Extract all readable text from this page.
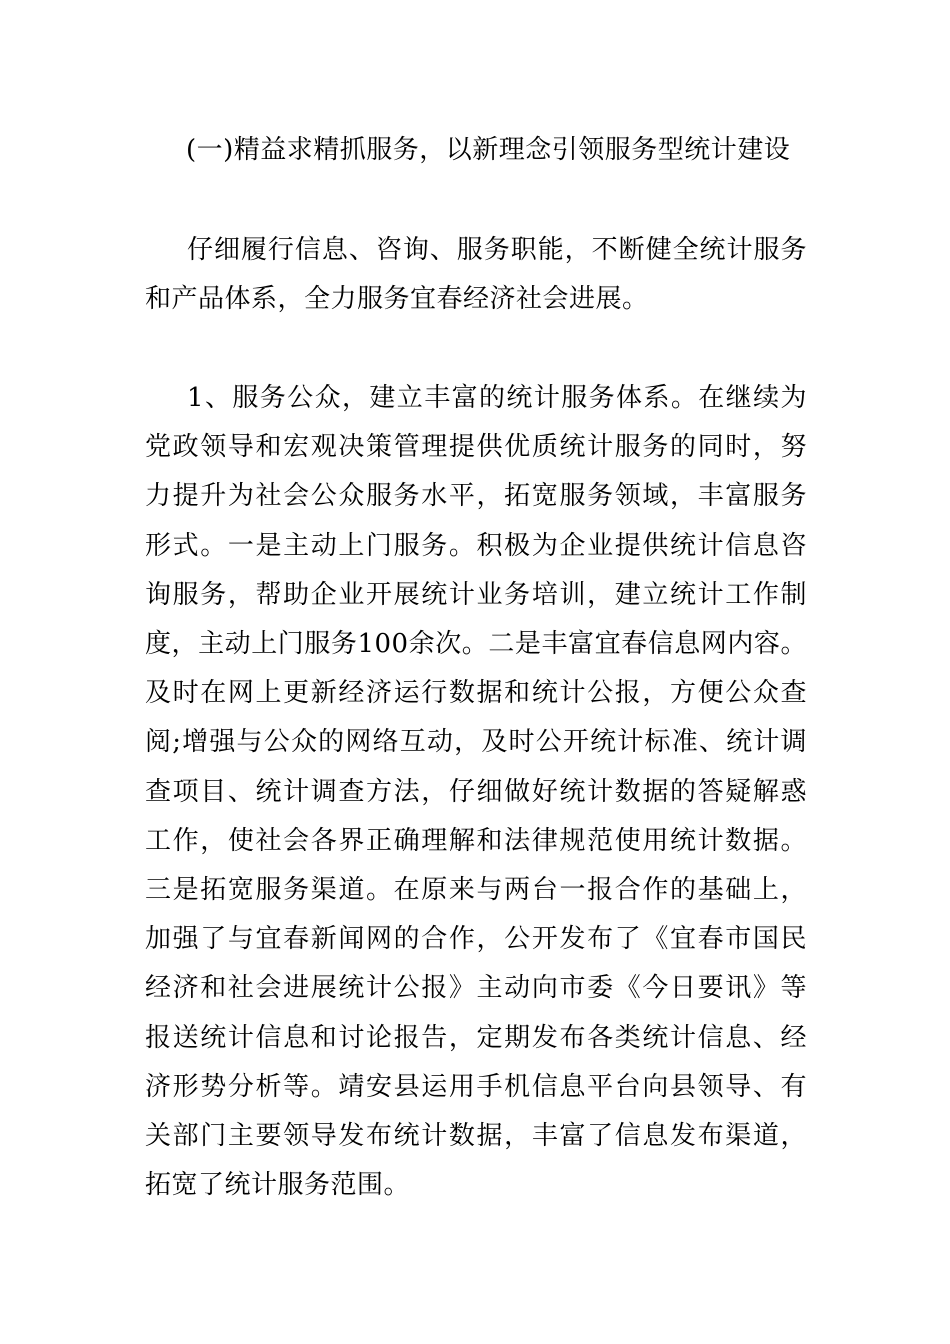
(一)精益求精抓服务，以新理念引领服务型统计建设

仔细履行信息、咨询、服务职能，不断健全统计服务和产品体系，全力服务宜春经济社会进展。

1、服务公众，建立丰富的统计服务体系。在继续为党政领导和宏观决策管理提供优质统计服务的同时，努力提升为社会公众服务水平，拓宽服务领域，丰富服务形式。一是主动上门服务。积极为企业提供统计信息咨询服务，帮助企业开展统计业务培训，建立统计工作制度，主动上门服务100余次。二是丰富宜春信息网内容。及时在网上更新经济运行数据和统计公报，方便公众查阅;增强与公众的网络互动，及时公开统计标准、统计调查项目、统计调查方法，仔细做好统计数据的答疑解惑工作，使社会各界正确理解和法律规范使用统计数据。三是拓宽服务渠道。在原来与两台一报合作的基础上，加强了与宜春新闻网的合作，公开发布了《宜春市国民经济和社会进展统计公报》主动向市委《今日要讯》等报送统计信息和讨论报告，定期发布各类统计信息、经济形势分析等。靖安县运用手机信息平台向县领导、有关部门主要领导发布统计数据，丰富了信息发布渠道，拓宽了统计服务范围。
